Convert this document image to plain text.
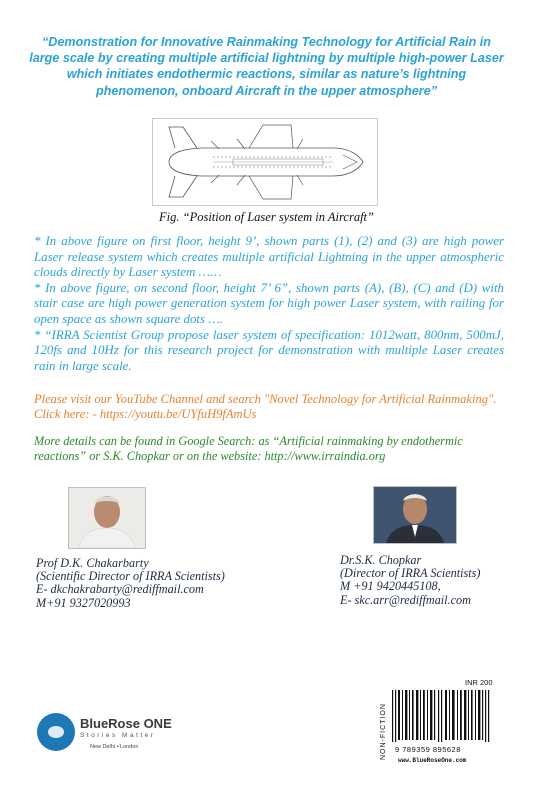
“Demonstration for Innovative Rainmaking Technology for Artificial Rain in
large scale by creating multiple artificial lightning by multiple high-power Laser
which initiates endothermic reactions, similar as nature’s lightning
phenomenon, onboard Aircraft in the upper atmosphere”
Fig. “Position of Laser system in Aircraft”

* In above figure on first floor, height 9’, shown parts (1), (2) and (3) are high power Laser release system which creates multiple artificial Lightning in the upper atmospheric clouds directly by Laser system ……

* In above figure, on second floor, height 7’ 6”, shown parts (A), (B), (C) and (D) with stair case are high power generation system for high power Laser system, with railing for open space as shown square dots ….

* “IRRA Scientist Group propose laser system of specification: 1012watt, 800nm, 500mJ, 120fs and 10Hz for this research project for demonstration with multiple Laser creates rain in large scale.

Please visit our YouTube Channel and search "Novel Technology for Artificial Rainmaking". Click here: - https://youtu.be/UYfuH9fAmUs
More details can be found in Google Search: as “Artificial rainmaking by endothermic reactions” or S.K. Chopkar or on the website: http://www.irraindia.org
Prof D.K. Chakarbarty
(Scientific Director of IRRA Scientists)
E- dkchakrabarty@rediffmail.com
M+91 9327020993
Dr.S.K. Chopkar
(Director of IRRA Scientists)
M +91 9420445108,
E- skc.arr@rediffmail.com
BlueRose ONE
Stories Matter
New Delhi • London
INR 200
NON-FICTION 9 789359 895628
www.BlueRoseOne.com
